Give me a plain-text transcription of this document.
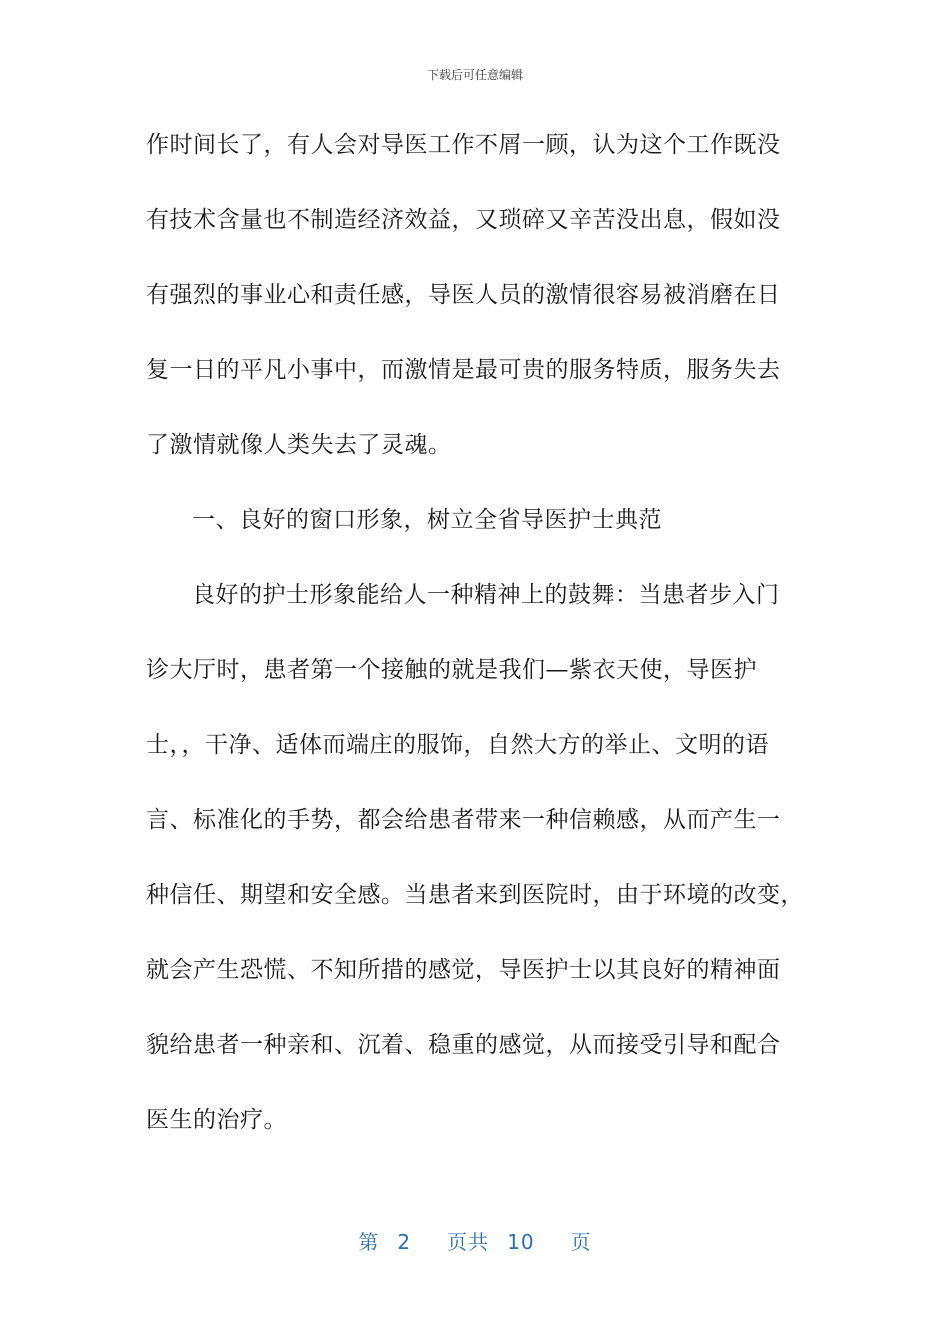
下载后可任意编辑
作时间长了，有人会对导医工作不屑一顾，认为这个工作既没
有技术含量也不制造经济效益，又琐碎又辛苦没出息，假如没
有强烈的事业心和责任感，导医人员的激情很容易被消磨在日
复一日的平凡小事中，而激情是最可贵的服务特质，服务失去
了激情就像人类失去了灵魂。
一、良好的窗口形象，树立全省导医护士典范
良好的护士形象能给人一种精神上的鼓舞：当患者步入门
诊大厅时，患者第一个接触的就是我们—紫衣天使，导医护
士，，干净、适体而端庄的服饰，自然大方的举止、文明的语
言、标准化的手势，都会给患者带来一种信赖感，从而产生一
种信任、期望和安全感。当患者来到医院时，由于环境的改变，
就会产生恐慌、不知所措的感觉，导医护士以其良好的精神面
貌给患者一种亲和、沉着、稳重的感觉，从而接受引导和配合
医生的治疗。
第 2 页共 10 页
